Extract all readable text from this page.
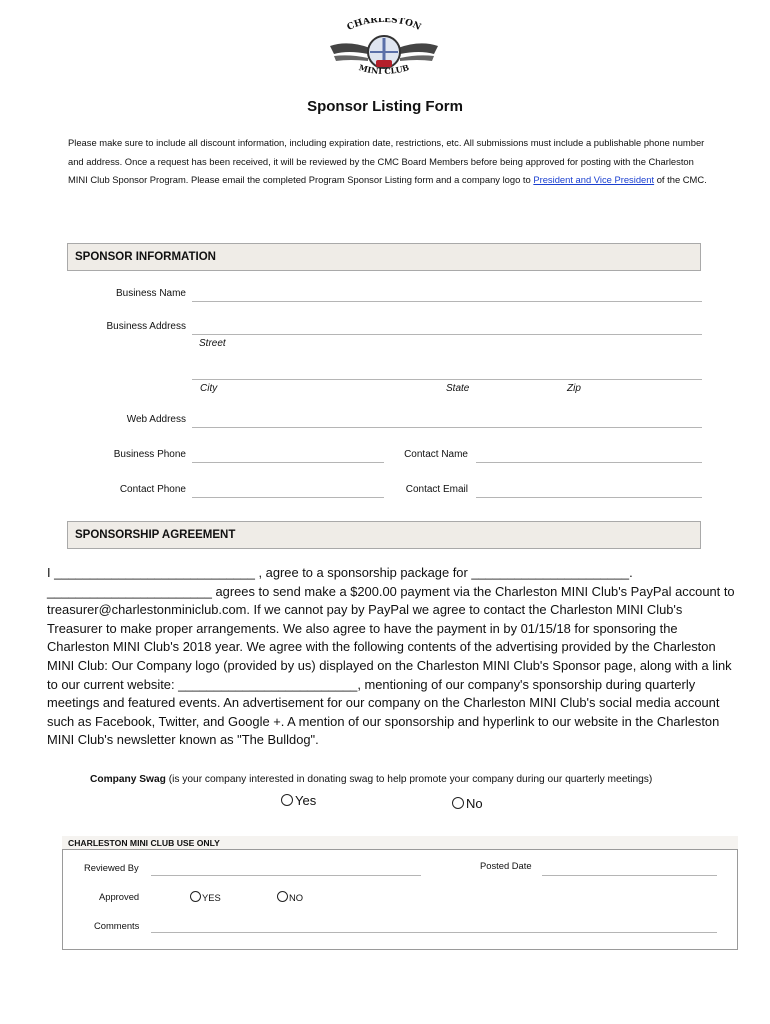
CHARLESTON
MINI CLUB
Sponsor Listing Form
Please make sure to include all discount information, including expiration date, restrictions, etc. All submissions must include a publishable phone number and address. Once a request has been received, it will be reviewed by the CMC Board Members before being approved for posting with the Charleston MINI Club Sponsor Program. Please email the completed Program Sponsor Listing form and a company logo to President and Vice President of the CMC.
SPONSOR INFORMATION
Business Name
Business Address
Street
City	State	Zip
Web Address
Business Phone	Contact Name
Contact Phone	Contact Email
SPONSORSHIP AGREEMENT
I ____________________________ , agree to a sponsorship package for ______________________.
_______________________ agrees to send make a $200.00 payment via the Charleston MINI Club's PayPal account to treasurer@charlestonminiclub.com. If we cannot pay by PayPal we agree to contact the Charleston MINI Club's Treasurer to make proper arrangements. We also agree to have the payment in by 01/15/18 for sponsoring the Charleston MINI Club's 2018 year. We agree with the following contents of the advertising provided by the Charleston MINI Club: Our Company logo (provided by us) displayed on the Charleston MINI Club's Sponsor page, along with a link to our current website: _________________________, mentioning of our company's sponsorship during quarterly meetings and featured events. An advertisement for our company on the Charleston MINI Club's social media account such as Facebook, Twitter, and Google +. A mention of our sponsorship and hyperlink to our website in the Charleston MINI Club's newsletter known as "The Bulldog".
Company Swag (is your company interested in donating swag to help promote your company during our quarterly meetings)
Yes	No
CHARLESTON MINI CLUB USE ONLY
Reviewed By	Posted Date
Approved	YES	NO
Comments
